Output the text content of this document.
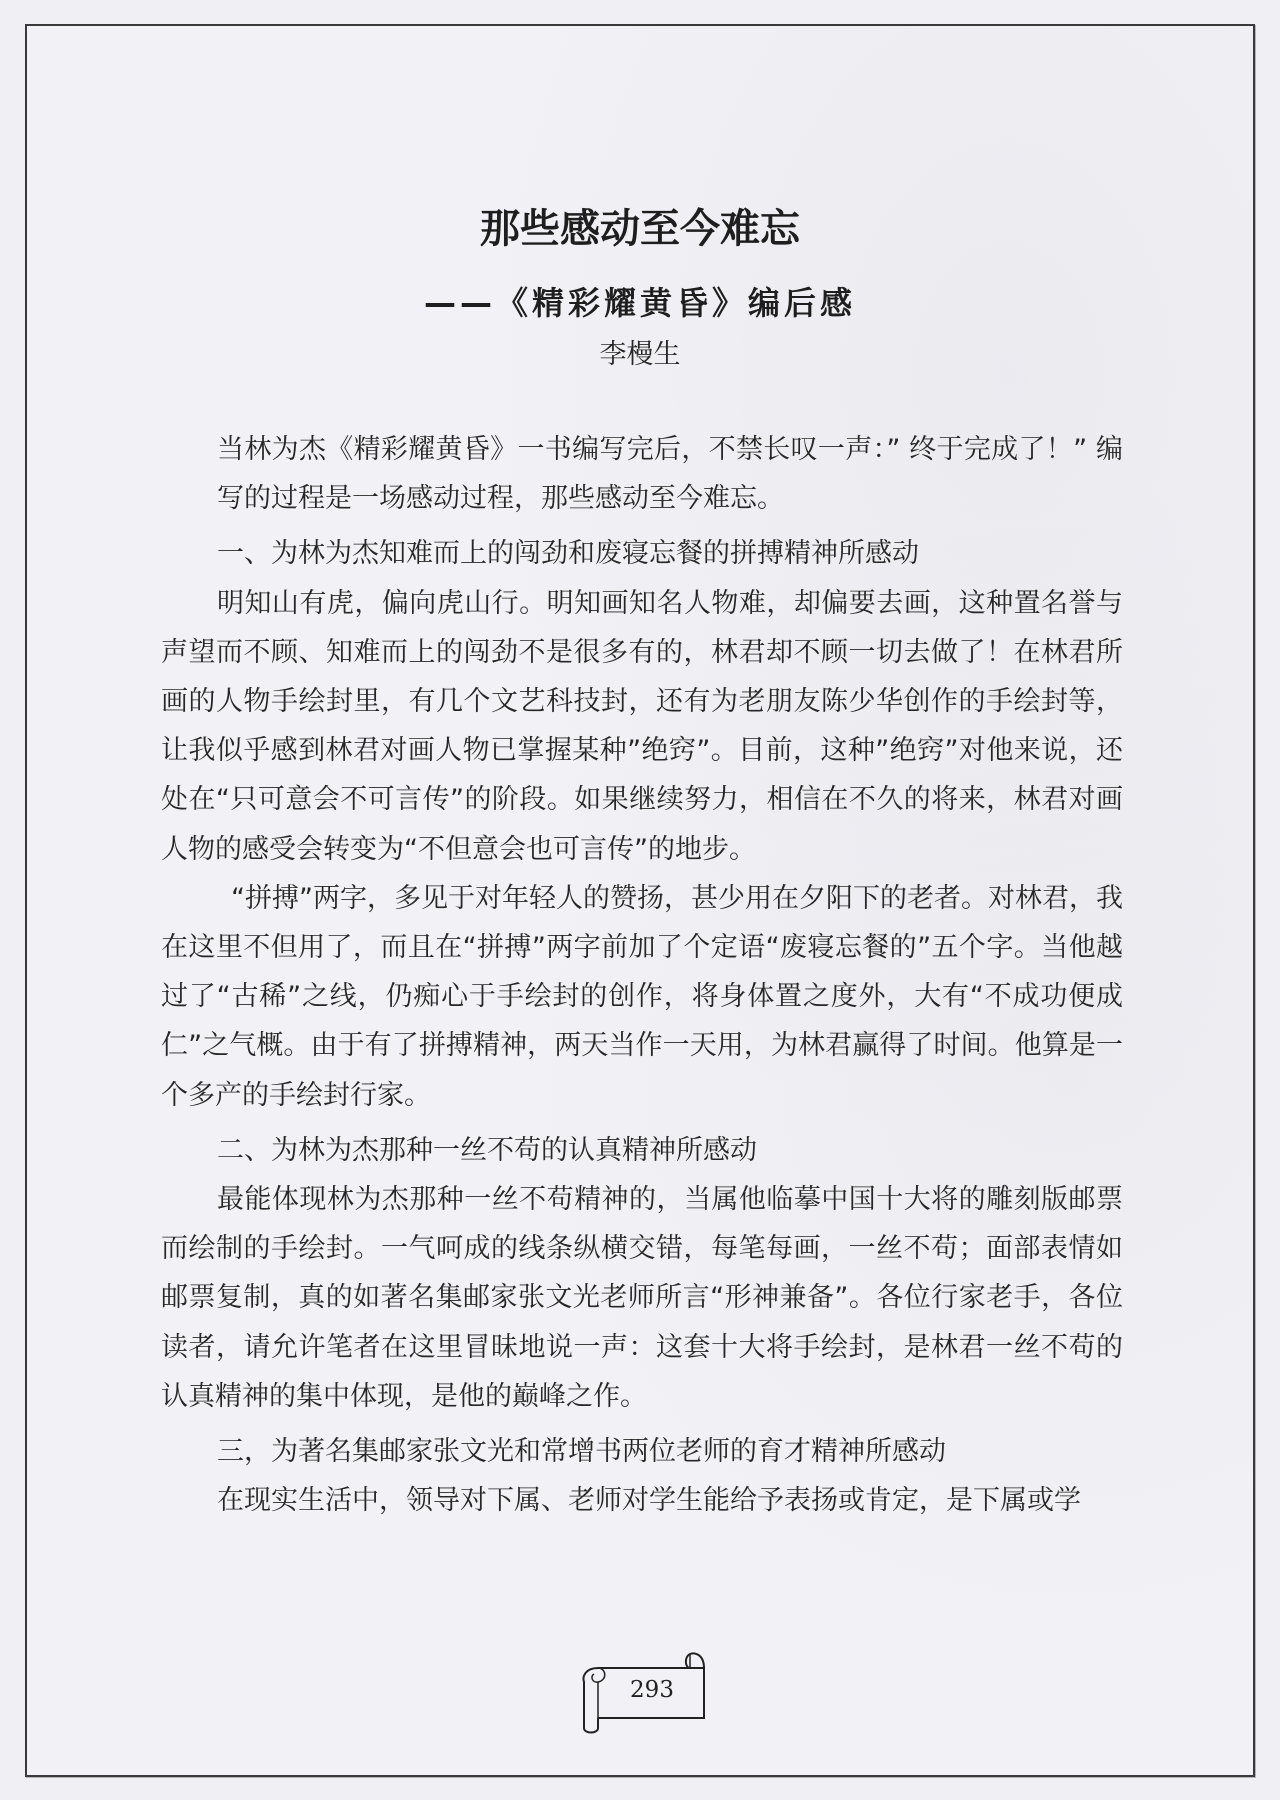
那些感动至今难忘
——《精彩耀黄昏》编后感
李槾生

当林为杰《精彩耀黄昏》一书编写完后，不禁长叹一声：” 终于完成了！” 编写的过程是一场感动过程，那些感动至今难忘。

一、为林为杰知难而上的闯劲和废寝忘餐的拼搏精神所感动

明知山有虎，偏向虎山行。明知画知名人物难，却偏要去画，这种置名誉与声望而不顾、知难而上的闯劲不是很多有的，林君却不顾一切去做了！在林君所画的人物手绘封里，有几个文艺科技封，还有为老朋友陈少华创作的手绘封等，让我似乎感到林君对画人物已掌握某种”绝窍”。目前，这种”绝窍”对他来说，还处在“只可意会不可言传”的阶段。如果继续努力，相信在不久的将来，林君对画人物的感受会转变为“不但意会也可言传”的地步。

“拼搏”两字，多见于对年轻人的赞扬，甚少用在夕阳下的老者。对林君，我在这里不但用了，而且在“拼搏”两字前加了个定语“废寝忘餐的”五个字。当他越过了“古稀”之线，仍痴心于手绘封的创作，将身体置之度外，大有“不成功便成仁”之气概。由于有了拼搏精神，两天当作一天用，为林君赢得了时间。他算是一个多产的手绘封行家。

二、为林为杰那种一丝不苟的认真精神所感动

最能体现林为杰那种一丝不苟精神的，当属他临摹中国十大将的雕刻版邮票而绘制的手绘封。一气呵成的线条纵横交错，每笔每画，一丝不苟；面部表情如邮票复制，真的如著名集邮家张文光老师所言“形神兼备”。各位行家老手，各位读者，请允许笔者在这里冒昧地说一声：这套十大将手绘封，是林君一丝不苟的认真精神的集中体现，是他的巅峰之作。

三，为著名集邮家张文光和常增书两位老师的育才精神所感动

在现实生活中，领导对下属、老师对学生能给予表扬或肯定，是下属或学

293
